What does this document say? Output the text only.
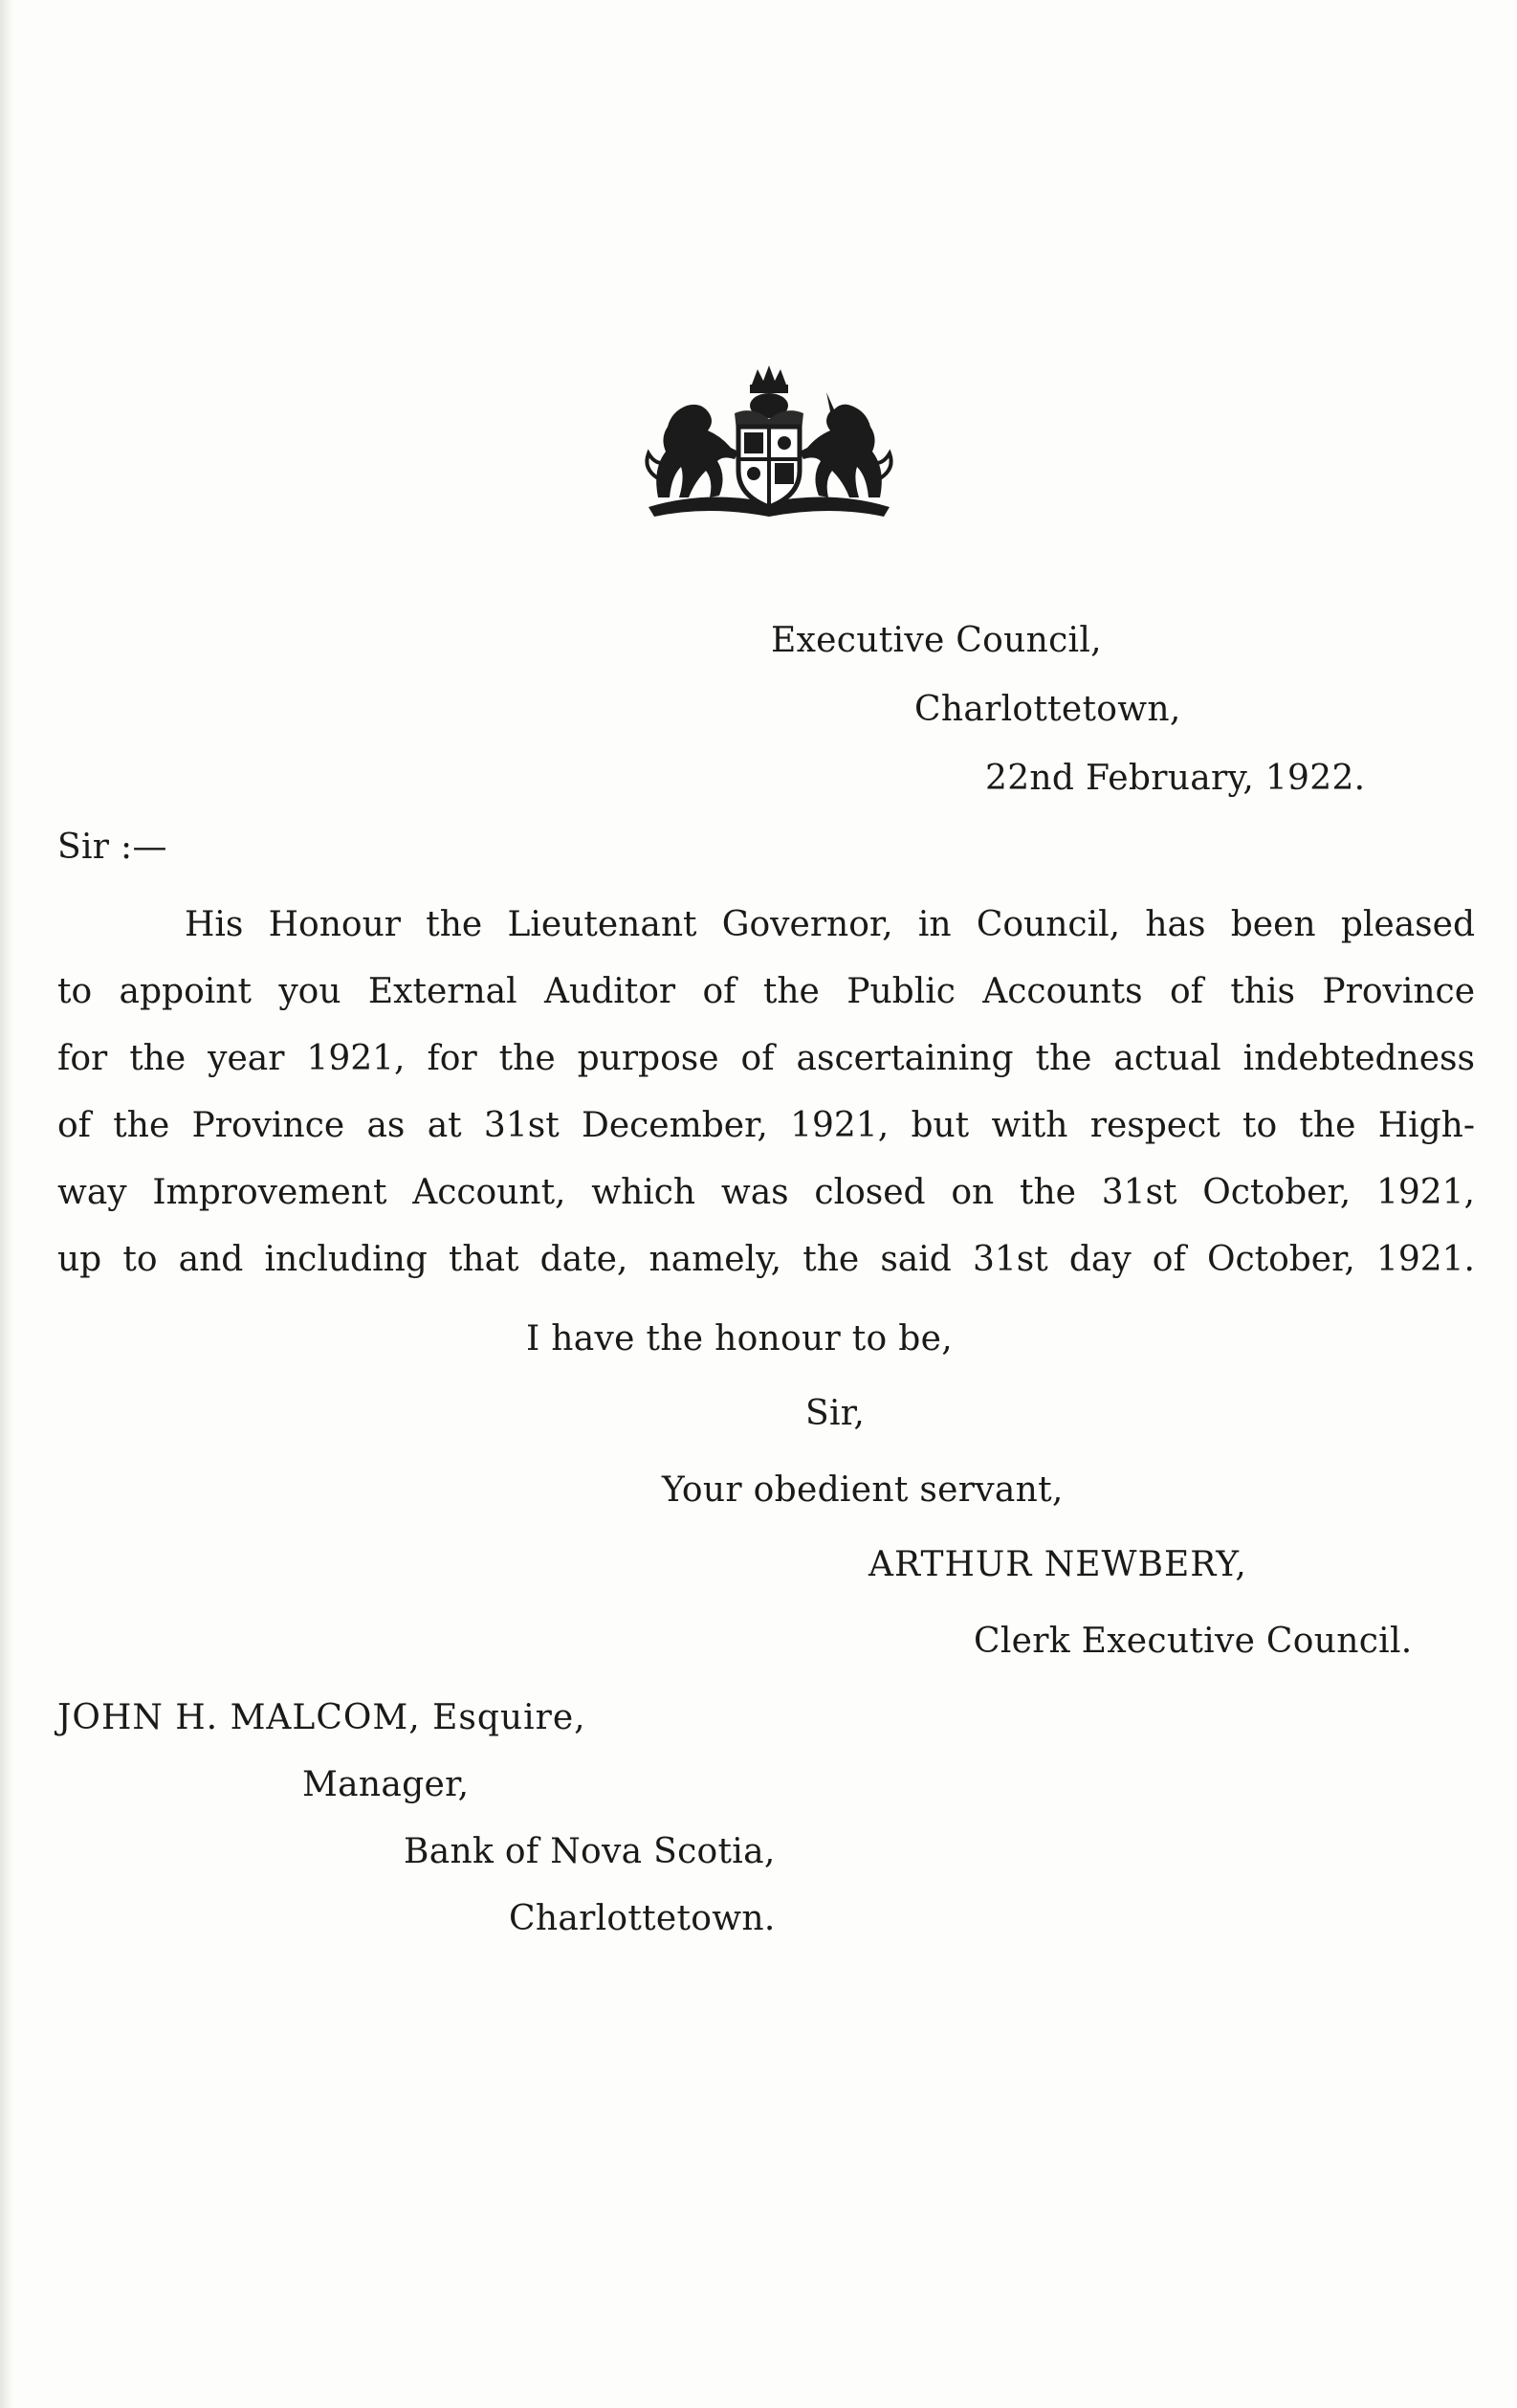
Executive Council,
Charlottetown,
22nd February, 1922.
Sir :—
His Honour the Lieutenant Governor, in Council, has been pleased
to appoint you External Auditor of the Public Accounts of this Province
for the year 1921, for the purpose of ascertaining the actual indebtedness
of the Province as at 31st December, 1921, but with respect to the High-
way Improvement Account, which was closed on the 31st October, 1921,
up to and including that date, namely, the said 31st day of October, 1921.
I have the honour to be,
Sir,
Your obedient servant,
ARTHUR NEWBERY,
Clerk Executive Council.
JOHN H. MALCOM, Esquire,
Manager,
Bank of Nova Scotia,
Charlottetown.
